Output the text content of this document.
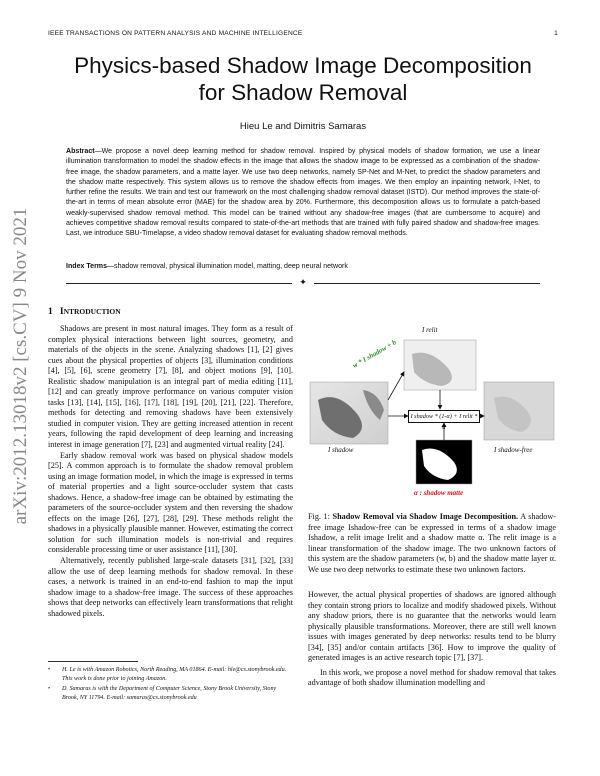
IEEE TRANSACTIONS ON PATTERN ANALYSIS AND MACHINE INTELLIGENCE	1
arXiv:2012.13018v2 [cs.CV] 9 Nov 2021
Physics-based Shadow Image Decomposition
for Shadow Removal
Hieu Le and Dimitris Samaras
Abstract—We propose a novel deep learning method for shadow removal. Inspired by physical models of shadow formation, we use a linear illumination transformation to model the shadow effects in the image that allows the shadow image to be expressed as a combination of the shadow-free image, the shadow parameters, and a matte layer. We use two deep networks, namely SP-Net and M-Net, to predict the shadow parameters and the shadow matte respectively. This system allows us to remove the shadow effects from images. We then employ an inpainting network, I-Net, to further refine the results. We train and test our framework on the most challenging shadow removal dataset (ISTD). Our method improves the state-of-the-art in terms of mean absolute error (MAE) for the shadow area by 20%. Furthermore, this decomposition allows us to formulate a patch-based weakly-supervised shadow removal method. This model can be trained without any shadow-free images (that are cumbersome to acquire) and achieves competitive shadow removal results compared to state-of-the-art methods that are trained with fully paired shadow and shadow-free images. Last, we introduce SBU-Timelapse, a video shadow removal dataset for evaluating shadow removal methods.
Index Terms—shadow removal, physical illumination model, matting, deep neural network
✦
1 INTRODUCTION

Shadows are present in most natural images. They form as a result of complex physical interactions between light sources, geometry, and materials of the objects in the scene. Analyzing shadows [1], [2] gives cues about the physical properties of objects [3], illumination conditions [4], [5], [6], scene geometry [7], [8], and object motions [9], [10]. Realistic shadow manipulation is an integral part of media editing [11], [12] and can greatly improve performance on various computer vision tasks [13], [14], [15], [16], [17], [18], [19], [20], [21], [22]. Therefore, methods for detecting and removing shadows have been extensively studied in computer vision. They are getting increased attention in recent years, following the rapid development of deep learning and increasing interest in image generation [7], [23] and augmented virtual reality [24].

Early shadow removal work was based on physical shadow models [25]. A common approach is to formulate the shadow removal problem using an image formation model, in which the image is expressed in terms of material properties and a light source-occluder system that casts shadows. Hence, a shadow-free image can be obtained by estimating the parameters of the source-occluder system and then reversing the shadow effects on the image [26], [27], [28], [29]. These methods relight the shadows in a physically plausible manner. However, estimating the correct solution for such illumination models is non-trivial and requires considerable processing time or user assistance [11], [30].

Alternatively, recently published large-scale datasets [31], [32], [33] allow the use of deep learning methods for shadow removal. In these cases, a network is trained in an end-to-end fashion to map the input shadow image to a shadow-free image. The success of these approaches shows that deep networks can effectively learn transformations that relight shadowed pixels.

•	H. Le is with Amazon Robotics, North Reading, MA 01864. E-mail: hle@cs.stonybrook.edu. This work is done prior to joining Amazon.
•	D. Samaras is with the Department of Computer Science, Stony Brook University, Stony Brook, NY 11794. E-mail: samaras@cs.stonybrook.edu
I relit
w * I shadow + b
I shadow * (1-α) + I relit * α
I shadow	I shadow-free
α : shadow matte
Fig. 1: Shadow Removal via Shadow Image Decomposition. A shadow-free image Ishadow-free can be expressed in terms of a shadow image Ishadow, a relit image Irelit and a shadow matte α. The relit image is a linear transformation of the shadow image. The two unknown factors of this system are the shadow parameters (w, b) and the shadow matte layer α. We use two deep networks to estimate these two unknown factors.

However, the actual physical properties of shadows are ignored although they contain strong priors to localize and modify shadowed pixels. Without any shadow priors, there is no guarantee that the networks would learn physically plausible transformations. Moreover, there are still well known issues with images generated by deep networks: results tend to be blurry [34], [35] and/or contain artifacts [36]. How to improve the quality of generated images is an active research topic [7], [37].

In this work, we propose a novel method for shadow removal that takes advantage of both shadow illumination modelling and
